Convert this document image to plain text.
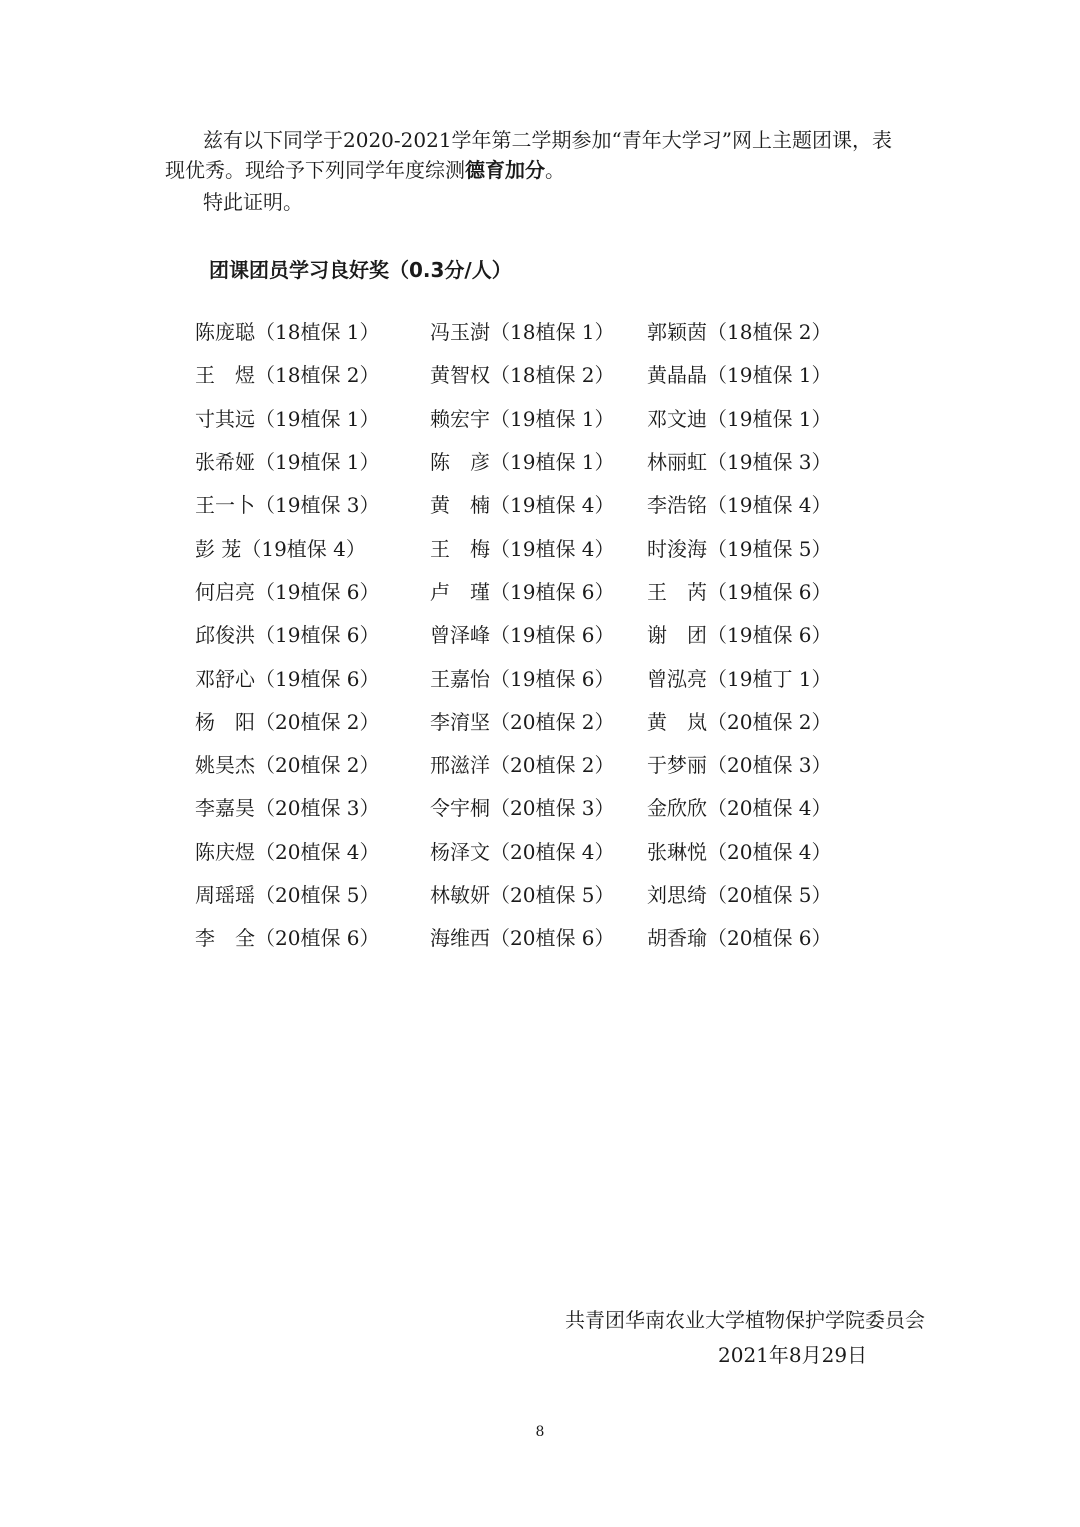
兹有以下同学于2020-2021学年第二学期参加“青年大学习”网上主题团课，表
现优秀。现给予下列同学年度综测德育加分。
特此证明。
团课团员学习良好奖（0.3分/人）
陈庞聪（18植保 1）	冯玉澍（18植保 1）	郭颖茵（18植保 2）
王　煜（18植保 2）	黄智权（18植保 2）	黄晶晶（19植保 1）
寸其远（19植保 1）	赖宏宇（19植保 1）	邓文迪（19植保 1）
张希娅（19植保 1）	陈　彦（19植保 1）	林丽虹（19植保 3）
王一卜（19植保 3）	黄　楠（19植保 4）	李浩铭（19植保 4）
彭 茏（19植保 4）	王　梅（19植保 4）	时浚海（19植保 5）
何启亮（19植保 6）	卢　瑾（19植保 6）	王　芮（19植保 6）
邱俊洪（19植保 6）	曾泽峰（19植保 6）	谢　团（19植保 6）
邓舒心（19植保 6）	王嘉怡（19植保 6）	曾泓亮（19植丁 1）
杨　阳（20植保 2）	李淯坚（20植保 2）	黄　岚（20植保 2）
姚昊杰（20植保 2）	邢滋洋（20植保 2）	于梦丽（20植保 3）
李嘉昊（20植保 3）	令宇桐（20植保 3）	金欣欣（20植保 4）
陈庆煜（20植保 4）	杨泽文（20植保 4）	张琳悦（20植保 4）
周瑶瑶（20植保 5）	林敏妍（20植保 5）	刘思绮（20植保 5）
李　全（20植保 6）	海维西（20植保 6）	胡香瑜（20植保 6）
共青团华南农业大学植物保护学院委员会
2021年8月29日
8
